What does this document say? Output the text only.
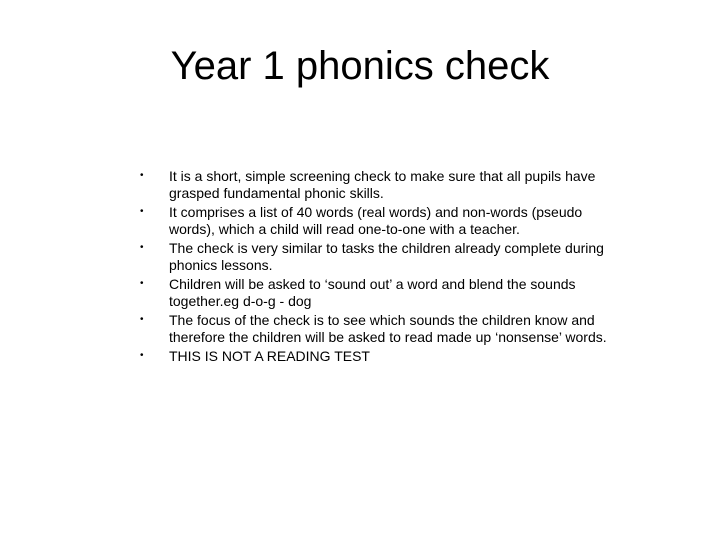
Year 1 phonics check
• It is a short, simple screening check to make sure that all pupils have grasped fundamental phonic skills.
• It comprises a list of 40 words (real words) and non-words (pseudo words), which a child will read one-to-one with a teacher.
• The check is very similar to tasks the children already complete during phonics lessons.
• Children will be asked to ‘sound out’ a word and blend the sounds together.eg d-o-g - dog
• The focus of the check is to see which sounds the children know and therefore the children will be asked to read made up ‘nonsense’ words.
• THIS IS NOT A READING TEST
